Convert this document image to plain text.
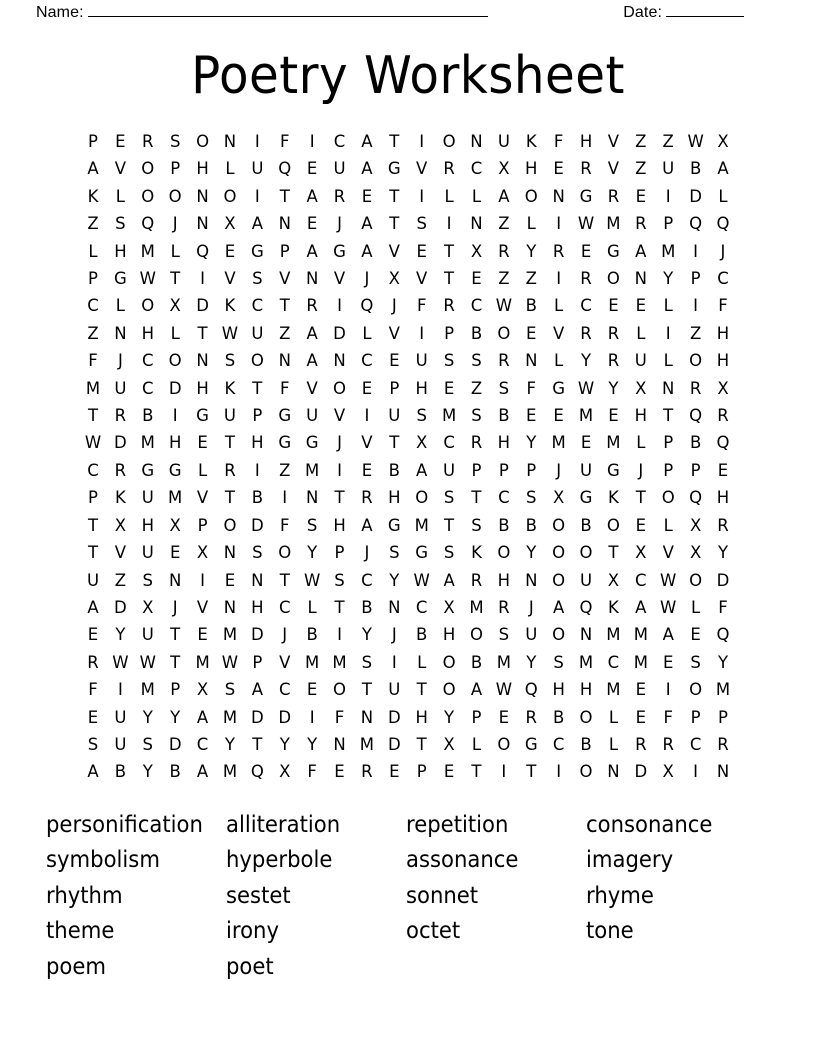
Name:	Date:
Poetry Worksheet
P	E	R	S	O	N	I	F	I	C	A	T	I	O	N	U	K	F	H	V	Z	Z	W	X
A	V	O	P	H	L	U	Q	E	U	A	G	V	R	C	X	H	E	R	V	Z	U	B	A
K	L	O	O	N	O	I	T	A	R	E	T	I	L	L	A	O	N	G	R	E	I	D	L
Z	S	Q	J	N	X	A	N	E	J	A	T	S	I	N	Z	L	I	W	M	R	P	Q	Q
L	H	M	L	Q	E	G	P	A	G	A	V	E	T	X	R	Y	R	E	G	A	M	I	J
P	G	W	T	I	V	S	V	N	V	J	X	V	T	E	Z	Z	I	R	O	N	Y	P	C
C	L	O	X	D	K	C	T	R	I	Q	J	F	R	C	W	B	L	C	E	E	L	I	F
Z	N	H	L	T	W	U	Z	A	D	L	V	I	P	B	O	E	V	R	R	L	I	Z	H
F	J	C	O	N	S	O	N	A	N	C	E	U	S	S	R	N	L	Y	R	U	L	O	H
M	U	C	D	H	K	T	F	V	O	E	P	H	E	Z	S	F	G	W	Y	X	N	R	X
T	R	B	I	G	U	P	G	U	V	I	U	S	M	S	B	E	E	M	E	H	T	Q	R
W	D	M	H	E	T	H	G	G	J	V	T	X	C	R	H	Y	M	E	M	L	P	B	Q
C	R	G	G	L	R	I	Z	M	I	E	B	A	U	P	P	P	J	U	G	J	P	P	E
P	K	U	M	V	T	B	I	N	T	R	H	O	S	T	C	S	X	G	K	T	O	Q	H
T	X	H	X	P	O	D	F	S	H	A	G	M	T	S	B	B	O	B	O	E	L	X	R
T	V	U	E	X	N	S	O	Y	P	J	S	G	S	K	O	Y	O	O	T	X	V	X	Y
U	Z	S	N	I	E	N	T	W	S	C	Y	W	A	R	H	N	O	U	X	C	W	O	D
A	D	X	J	V	N	H	C	L	T	B	N	C	X	M	R	J	A	Q	K	A	W	L	F
E	Y	U	T	E	M	D	J	B	I	Y	J	B	H	O	S	U	O	N	M	M	A	E	Q
R	W	W	T	M	W	P	V	M	M	S	I	L	O	B	M	Y	S	M	C	M	E	S	Y
F	I	M	P	X	S	A	C	E	O	T	U	T	O	A	W	Q	H	H	M	E	I	O	M
E	U	Y	Y	A	M	D	D	I	F	N	D	H	Y	P	E	R	B	O	L	E	F	P	P
S	U	S	D	C	Y	T	Y	Y	N	M	D	T	X	L	O	G	C	B	L	R	R	C	R
A	B	Y	B	A	M	Q	X	F	E	R	E	P	E	T	I	T	I	O	N	D	X	I	N
personification	alliteration	repetition	consonance
symbolism	hyperbole	assonance	imagery
rhythm	sestet	sonnet	rhyme
theme	irony	octet	tone
poem	poet
